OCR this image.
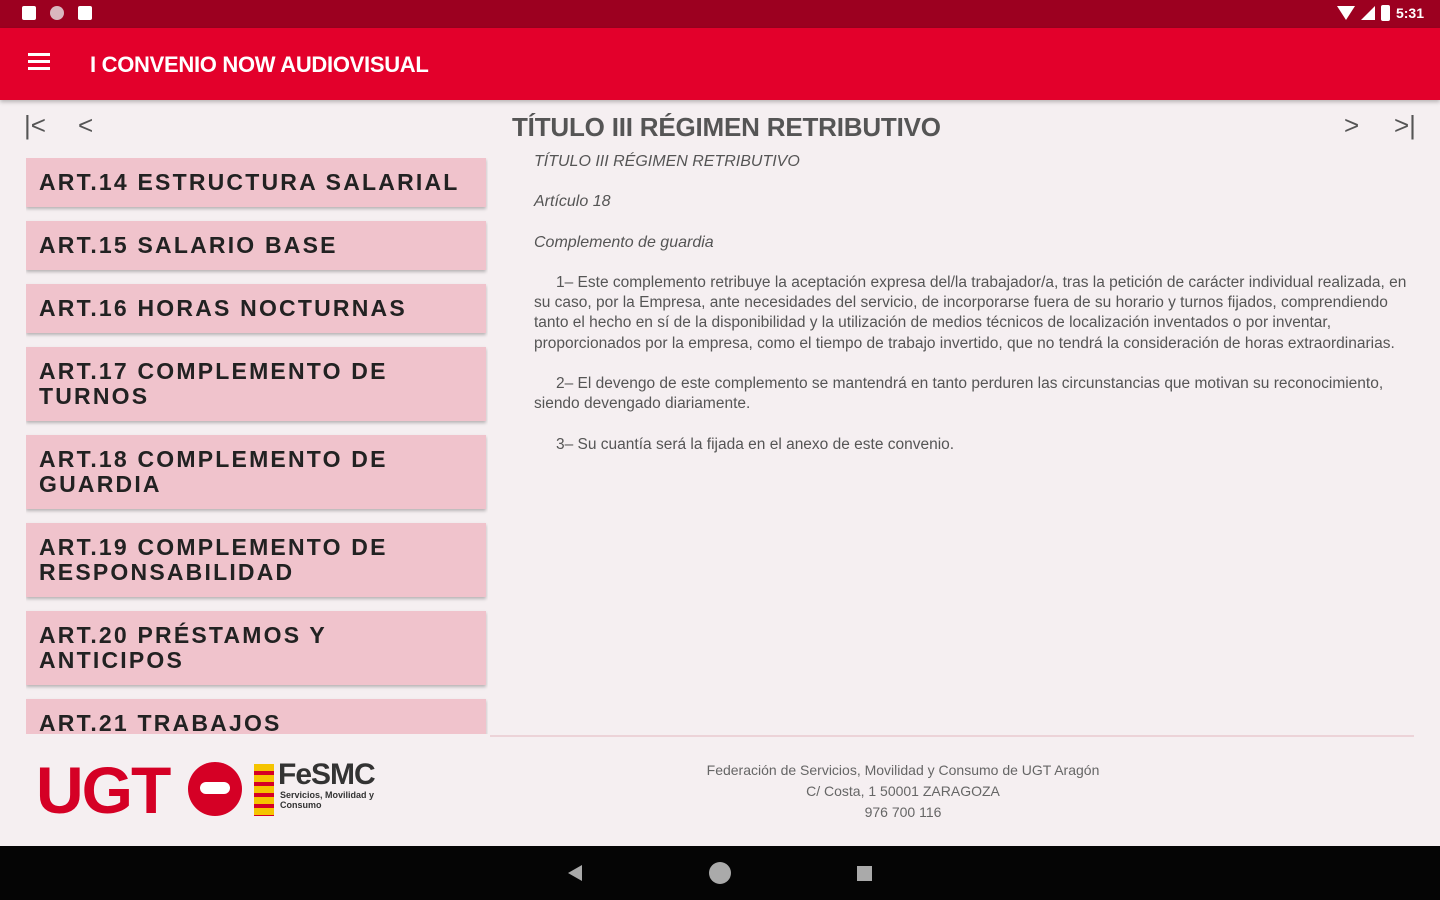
5:31
I CONVENIO NOW AUDIOVISUAL
|< <	TÍTULO III RÉGIMEN RETRIBUTIVO	> >|
ART.14 ESTRUCTURA SALARIAL
ART.15 SALARIO BASE
ART.16 HORAS NOCTURNAS
ART.17 COMPLEMENTO DE TURNOS
ART.18 COMPLEMENTO DE GUARDIA
ART.19 COMPLEMENTO DE RESPONSABILIDAD
ART.20 PRÉSTAMOS Y ANTICIPOS
ART.21 TRABAJOS

TÍTULO III RÉGIMEN RETRIBUTIVO

Artículo 18

Complemento de guardia

1– Este complemento retribuye la aceptación expresa del/la trabajador/a, tras la petición de carácter individual realizada, en su caso, por la Empresa, ante necesidades del servicio, de incorporarse fuera de su horario y turnos fijados, comprendiendo tanto el hecho en sí de la disponibilidad y la utilización de medios técnicos de localización inventados o por inventar, proporcionados por la empresa, como el tiempo de trabajo invertido, que no tendrá la consideración de horas extraordinarias.

2– El devengo de este complemento se mantendrá en tanto perduren las circunstancias que motivan su reconocimiento, siendo devengado diariamente.

3– Su cuantía será la fijada en el anexo de este convenio.

UGT	FeSMC
Servicios, Movilidad y Consumo
Federación de Servicios, Movilidad y Consumo de UGT Aragón
C/ Costa, 1 50001 ZARAGOZA
976 700 116
